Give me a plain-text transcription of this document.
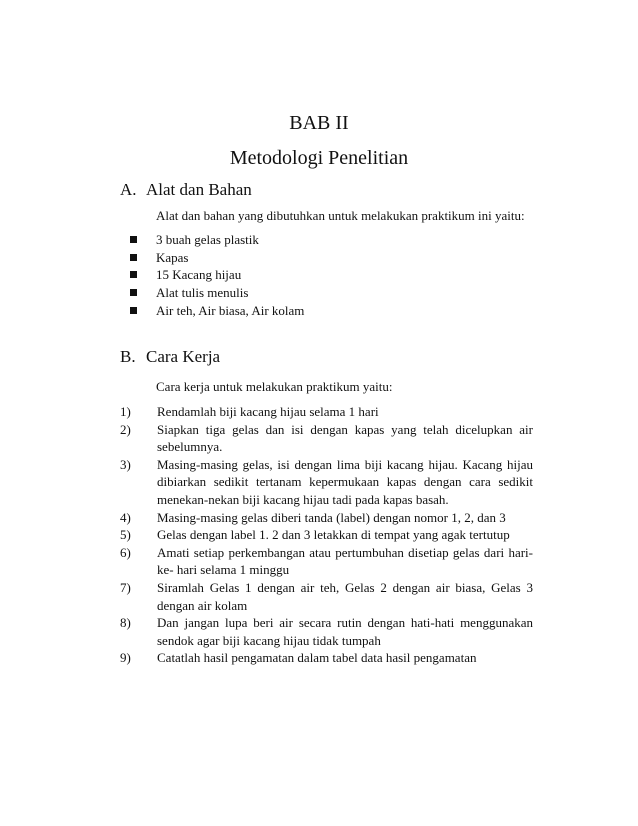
BAB II
Metodologi Penelitian
A. Alat dan Bahan
Alat dan bahan yang dibutuhkan untuk melakukan praktikum ini yaitu:
3 buah gelas plastik
Kapas
15 Kacang hijau
Alat tulis menulis
Air teh, Air biasa, Air kolam
B. Cara Kerja
Cara kerja untuk melakukan praktikum yaitu:
1)	Rendamlah biji kacang hijau selama 1 hari
2)	Siapkan tiga gelas dan isi dengan kapas yang telah dicelupkan air sebelumnya.
3)	Masing-masing gelas, isi dengan lima biji kacang hijau. Kacang hijau dibiarkan sedikit tertanam kepermukaan kapas dengan cara sedikit menekan-nekan biji kacang hijau tadi pada kapas basah.
4)	Masing-masing gelas diberi tanda (label) dengan nomor 1, 2, dan 3
5)	Gelas dengan label 1. 2 dan 3 letakkan di tempat yang agak tertutup
6)	Amati setiap perkembangan atau pertumbuhan disetiap gelas dari hari-ke- hari selama 1 minggu
7)	Siramlah Gelas 1 dengan air teh, Gelas 2 dengan air biasa, Gelas 3 dengan air kolam
8)	Dan jangan lupa beri air secara rutin dengan hati-hati menggunakan sendok agar biji kacang hijau tidak tumpah
9)	Catatlah hasil pengamatan dalam tabel data hasil pengamatan
